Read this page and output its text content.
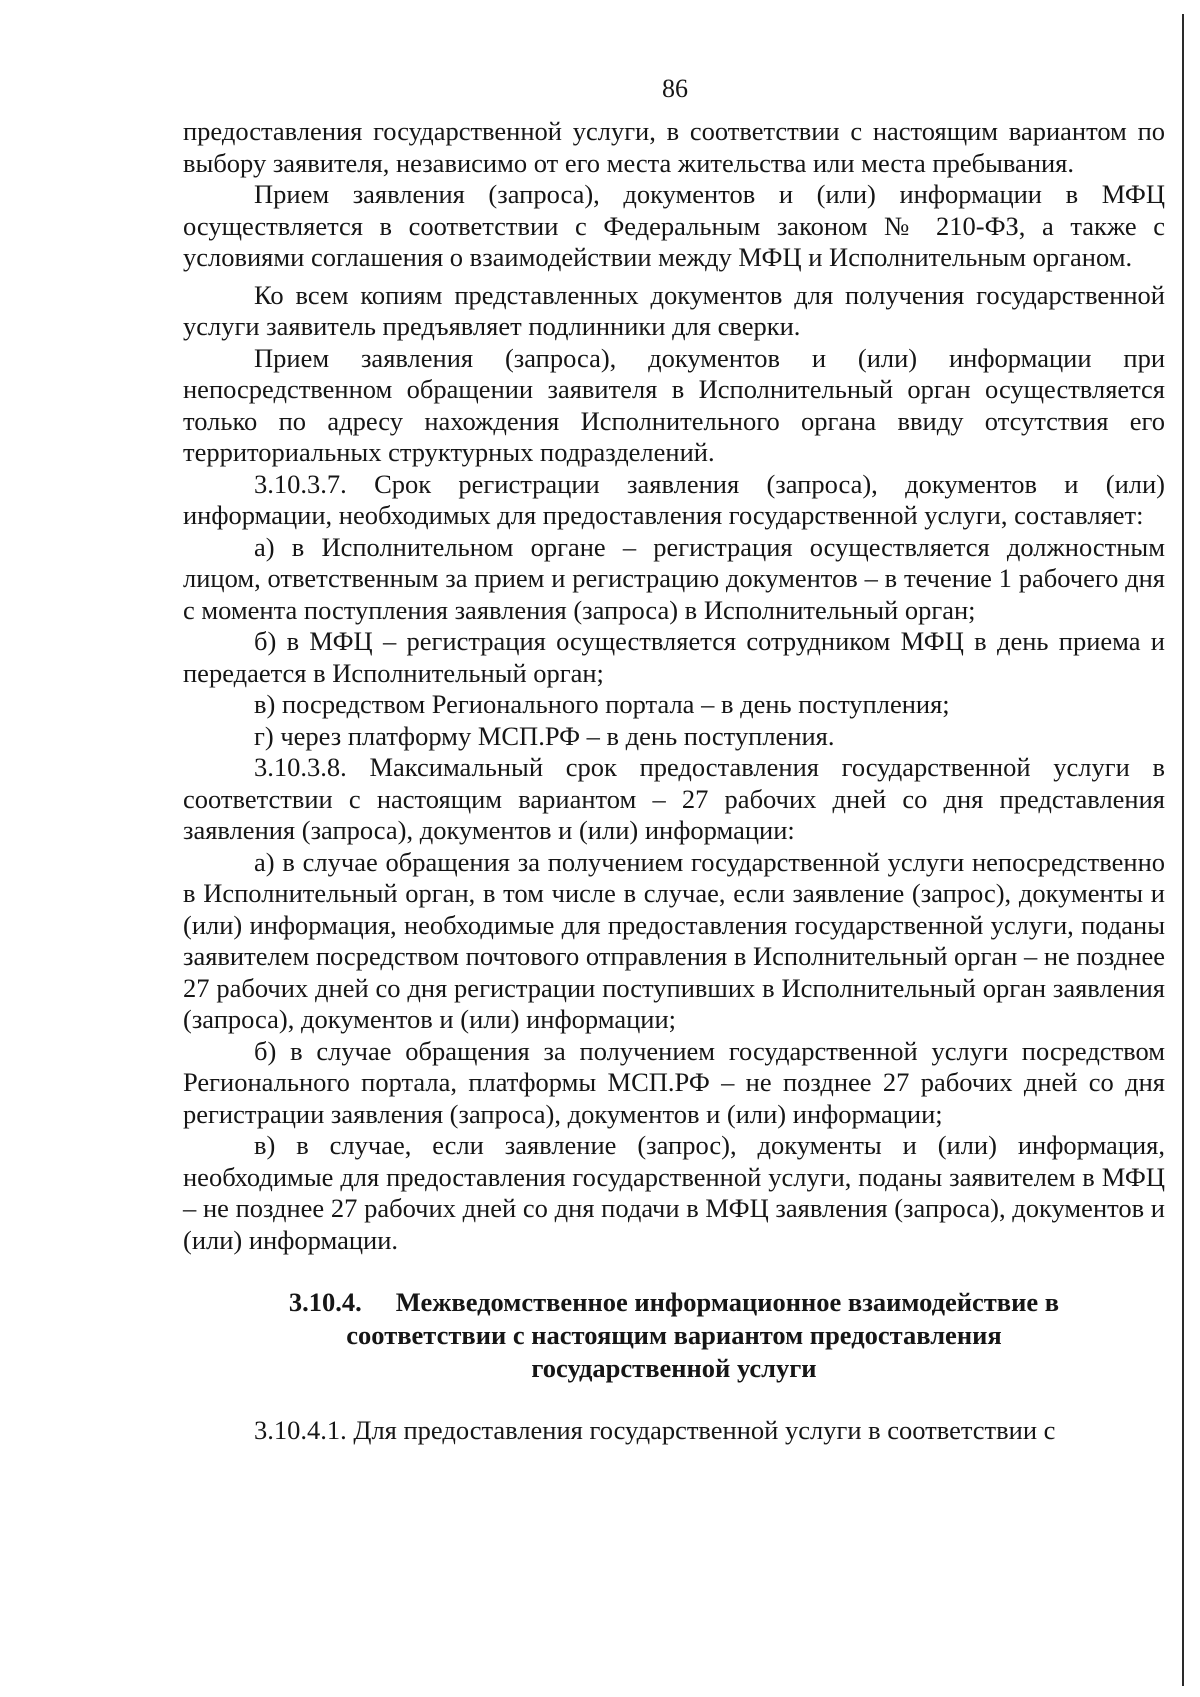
86

предоставления государственной услуги, в соответствии с настоящим вариантом по выбору заявителя, независимо от его места жительства или места пребывания.

Прием заявления (запроса), документов и (или) информации в МФЦ осуществляется в соответствии с Федеральным законом № 210-ФЗ, а также с условиями соглашения о взаимодействии между МФЦ и Исполнительным органом.

Ко всем копиям представленных документов для получения государственной услуги заявитель предъявляет подлинники для сверки.

Прием заявления (запроса), документов и (или) информации при непосредственном обращении заявителя в Исполнительный орган осуществляется только по адресу нахождения Исполнительного органа ввиду отсутствия его территориальных структурных подразделений.

3.10.3.7. Срок регистрации заявления (запроса), документов и (или) информации, необходимых для предоставления государственной услуги, составляет:

а) в Исполнительном органе – регистрация осуществляется должностным лицом, ответственным за прием и регистрацию документов – в течение 1 рабочего дня с момента поступления заявления (запроса) в Исполнительный орган;

б) в МФЦ – регистрация осуществляется сотрудником МФЦ в день приема и передается в Исполнительный орган;

в) посредством Регионального портала – в день поступления;

г) через платформу МСП.РФ – в день поступления.

3.10.3.8. Максимальный срок предоставления государственной услуги в соответствии с настоящим вариантом – 27 рабочих дней со дня представления заявления (запроса), документов и (или) информации:

а) в случае обращения за получением государственной услуги непосредственно в Исполнительный орган, в том числе в случае, если заявление (запрос), документы и (или) информация, необходимые для предоставления государственной услуги, поданы заявителем посредством почтового отправления в Исполнительный орган – не позднее 27 рабочих дней со дня регистрации поступивших в Исполнительный орган заявления (запроса), документов и (или) информации;

б) в случае обращения за получением государственной услуги посредством Регионального портала, платформы МСП.РФ – не позднее 27 рабочих дней со дня регистрации заявления (запроса), документов и (или) информации;

в) в случае, если заявление (запрос), документы и (или) информация, необходимые для предоставления государственной услуги, поданы заявителем в МФЦ – не позднее 27 рабочих дней со дня подачи в МФЦ заявления (запроса), документов и (или) информации.

3.10.4. Межведомственное информационное взаимодействие в
соответствии с настоящим вариантом предоставления
государственной услуги

3.10.4.1. Для предоставления государственной услуги в соответствии с
